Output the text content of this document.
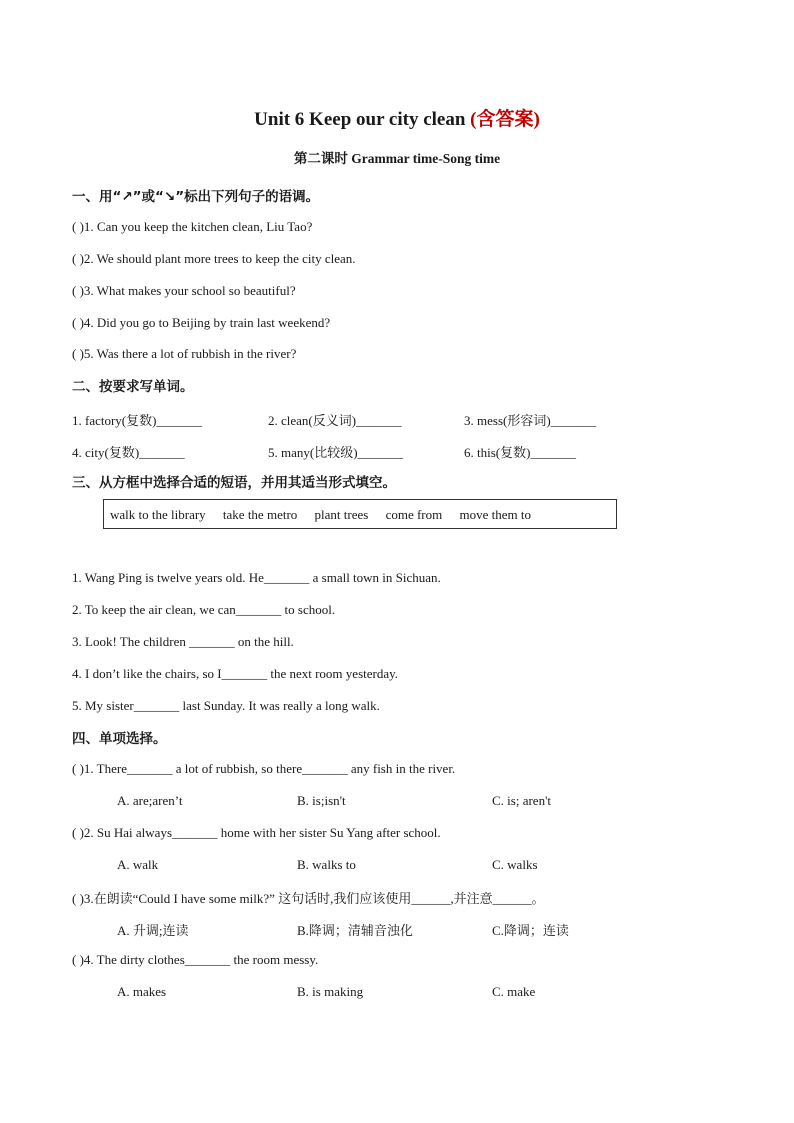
Unit 6 Keep our city clean (含答案)
第二课时 Grammar time-Song time
一、用“↗”或“↘”标出下列句子的语调。
( )1. Can you keep the kitchen clean, Liu Tao?
( )2. We should plant more trees to keep the city clean.
( )3. What makes your school so beautiful?
( )4. Did you go to Beijing by train last weekend?
( )5. Was there a lot of rubbish in the river?
二、按要求写单词。
1. factory(复数)_______	2. clean(反义词)_______	3. mess(形容词)_______
4. city(复数)_______	5. many(比较级)_______	6. this(复数)_______
三、从方框中选择合适的短语，并用其适当形式填空。
walk to the library take the metro plant trees come from move them to
1. Wang Ping is twelve years old. He_______ a small town in Sichuan.
2. To keep the air clean, we can_______ to school.
3. Look! The children _______ on the hill.
4. I don’t like the chairs, so I_______ the next room yesterday.
5. My sister_______ last Sunday. It was really a long walk.
四、单项选择。
( )1. There_______ a lot of rubbish, so there_______ any fish in the river.
A. are;aren’t	B. is;isn't	C. is; aren't
( )2. Su Hai always_______ home with her sister Su Yang after school.
A. walk	B. walks to	C. walks
( )3.在朗读“Could I have some milk?” 这句话时,我们应该使用______,并注意______。
A. 升调;连读	B.降调；清辅音浊化	C.降调；连读
( )4. The dirty clothes_______ the room messy.
A. makes	B. is making	C. make
